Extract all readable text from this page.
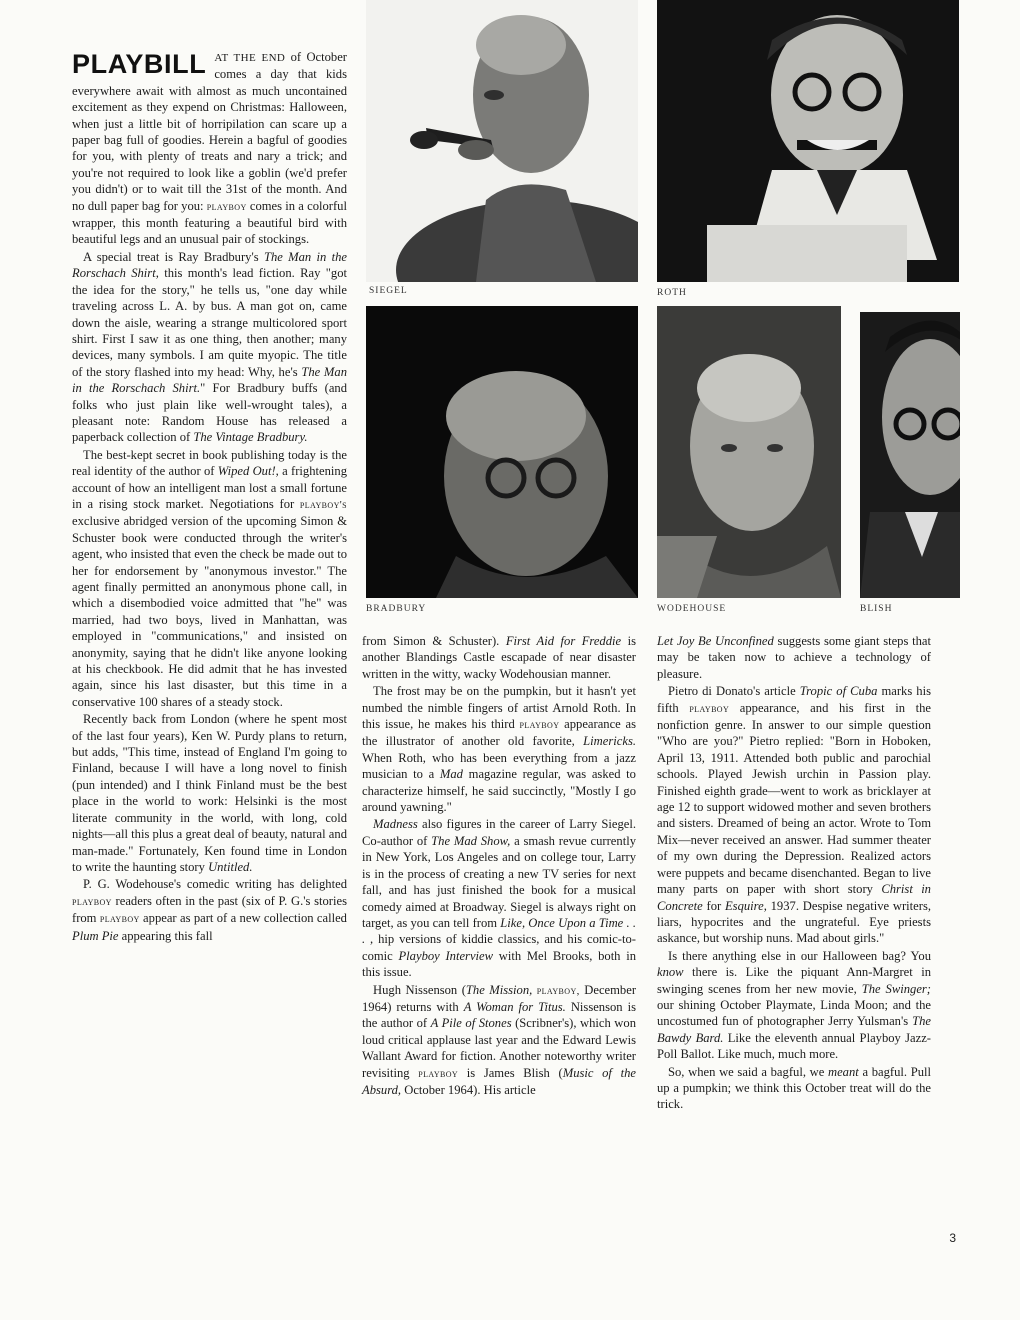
PLAYBILL AT THE END of October comes a day that kids everywhere await with almost as much uncontained excitement as they expend on Christmas: Halloween, when just a little bit of horripilation can scare up a paper bag full of goodies. Herein a bagful of goodies for you, with plenty of treats and nary a trick; and you're not required to look like a goblin (we'd prefer you didn't) or to wait till the 31st of the month. And no dull paper bag for you: playboy comes in a colorful wrapper, this month featuring a beautiful bird with beautiful legs and an unusual pair of stockings.

A special treat is Ray Bradbury's The Man in the Rorschach Shirt, this month's lead fiction. Ray "got the idea for the story," he tells us, "one day while traveling across L. A. by bus. A man got on, came down the aisle, wearing a strange multicolored sport shirt. First I saw it as one thing, then another; many devices, many symbols. I am quite myopic. The title of the story flashed into my head: Why, he's The Man in the Rorschach Shirt." For Bradbury buffs (and folks who just plain like well-wrought tales), a pleasant note: Random House has released a paperback collection of The Vintage Bradbury.

The best-kept secret in book publishing today is the real identity of the author of Wiped Out!, a frightening account of how an intelligent man lost a small fortune in a rising stock market. Negotiations for playboy's exclusive abridged version of the upcoming Simon & Schuster book were conducted through the writer's agent, who insisted that even the check be made out to her for endorsement by "anonymous investor." The agent finally permitted an anonymous phone call, in which a disembodied voice admitted that "he" was married, had two boys, lived in Manhattan, was employed in "communications," and insisted on anonymity, saying that he didn't like anyone looking at his checkbook. He did admit that he has invested again, since his last disaster, but this time in a conservative 100 shares of a steady stock.

Recently back from London (where he spent most of the last four years), Ken W. Purdy plans to return, but adds, "This time, instead of England I'm going to Finland, because I will have a long novel to finish (pun intended) and I think Finland must be the best place in the world to work: Helsinki is the most literate community in the world, with long, cold nights—all this plus a great deal of beauty, natural and man-made." Fortunately, Ken found time in London to write the haunting story Untitled.

P. G. Wodehouse's comedic writing has delighted playboy readers often in the past (six of P. G.'s stories from playboy appear as part of a new collection called Plum Pie appearing this fall

from Simon & Schuster). First Aid for Freddie is another Blandings Castle escapade of near disaster written in the witty, wacky Wodehousian manner.

The frost may be on the pumpkin, but it hasn't yet numbed the nimble fingers of artist Arnold Roth. In this issue, he makes his third playboy appearance as the illustrator of another old favorite, Limericks. When Roth, who has been everything from a jazz musician to a Mad magazine regular, was asked to characterize himself, he said succinctly, "Mostly I go around yawning."

Madness also figures in the career of Larry Siegel. Co-author of The Mad Show, a smash revue currently in New York, Los Angeles and on college tour, Larry is in the process of creating a new TV series for next fall, and has just finished the book for a musical comedy aimed at Broadway. Siegel is always right on target, as you can tell from Like, Once Upon a Time . . . , hip versions of kiddie classics, and his comic-to-comic Playboy Interview with Mel Brooks, both in this issue.

Hugh Nissenson (The Mission, playboy, December 1964) returns with A Woman for Titus. Nissenson is the author of A Pile of Stones (Scribner's), which won loud critical applause last year and the Edward Lewis Wallant Award for fiction. Another noteworthy writer revisiting playboy is James Blish (Music of the Absurd, October 1964). His article

Let Joy Be Unconfined suggests some giant steps that may be taken now to achieve a technology of pleasure.

Pietro di Donato's article Tropic of Cuba marks his fifth playboy appearance, and his first in the nonfiction genre. In answer to our simple question "Who are you?" Pietro replied: "Born in Hoboken, April 13, 1911. Attended both public and parochial schools. Played Jewish urchin in Passion play. Finished eighth grade—went to work as bricklayer at age 12 to support widowed mother and seven brothers and sisters. Dreamed of being an actor. Wrote to Tom Mix—never received an answer. Had summer theater of my own during the Depression. Realized actors were puppets and became disenchanted. Began to live many parts on paper with short story Christ in Concrete for Esquire, 1937. Despise negative writers, liars, hypocrites and the ungrateful. Eye priests askance, but worship nuns. Mad about girls."

Is there anything else in our Halloween bag? You know there is. Like the piquant Ann-Margret in swinging scenes from her new movie, The Swinger; our shining October Playmate, Linda Moon; and the uncostumed fun of photographer Jerry Yulsman's The Bawdy Bard. Like the eleventh annual Playboy Jazz-Poll Ballot. Like much, much more.

So, when we said a bagful, we meant a bagful. Pull up a pumpkin; we think this October treat will do the trick.

SIEGEL	ROTH
BRADBURY	WODEHOUSE	BLISH
3
